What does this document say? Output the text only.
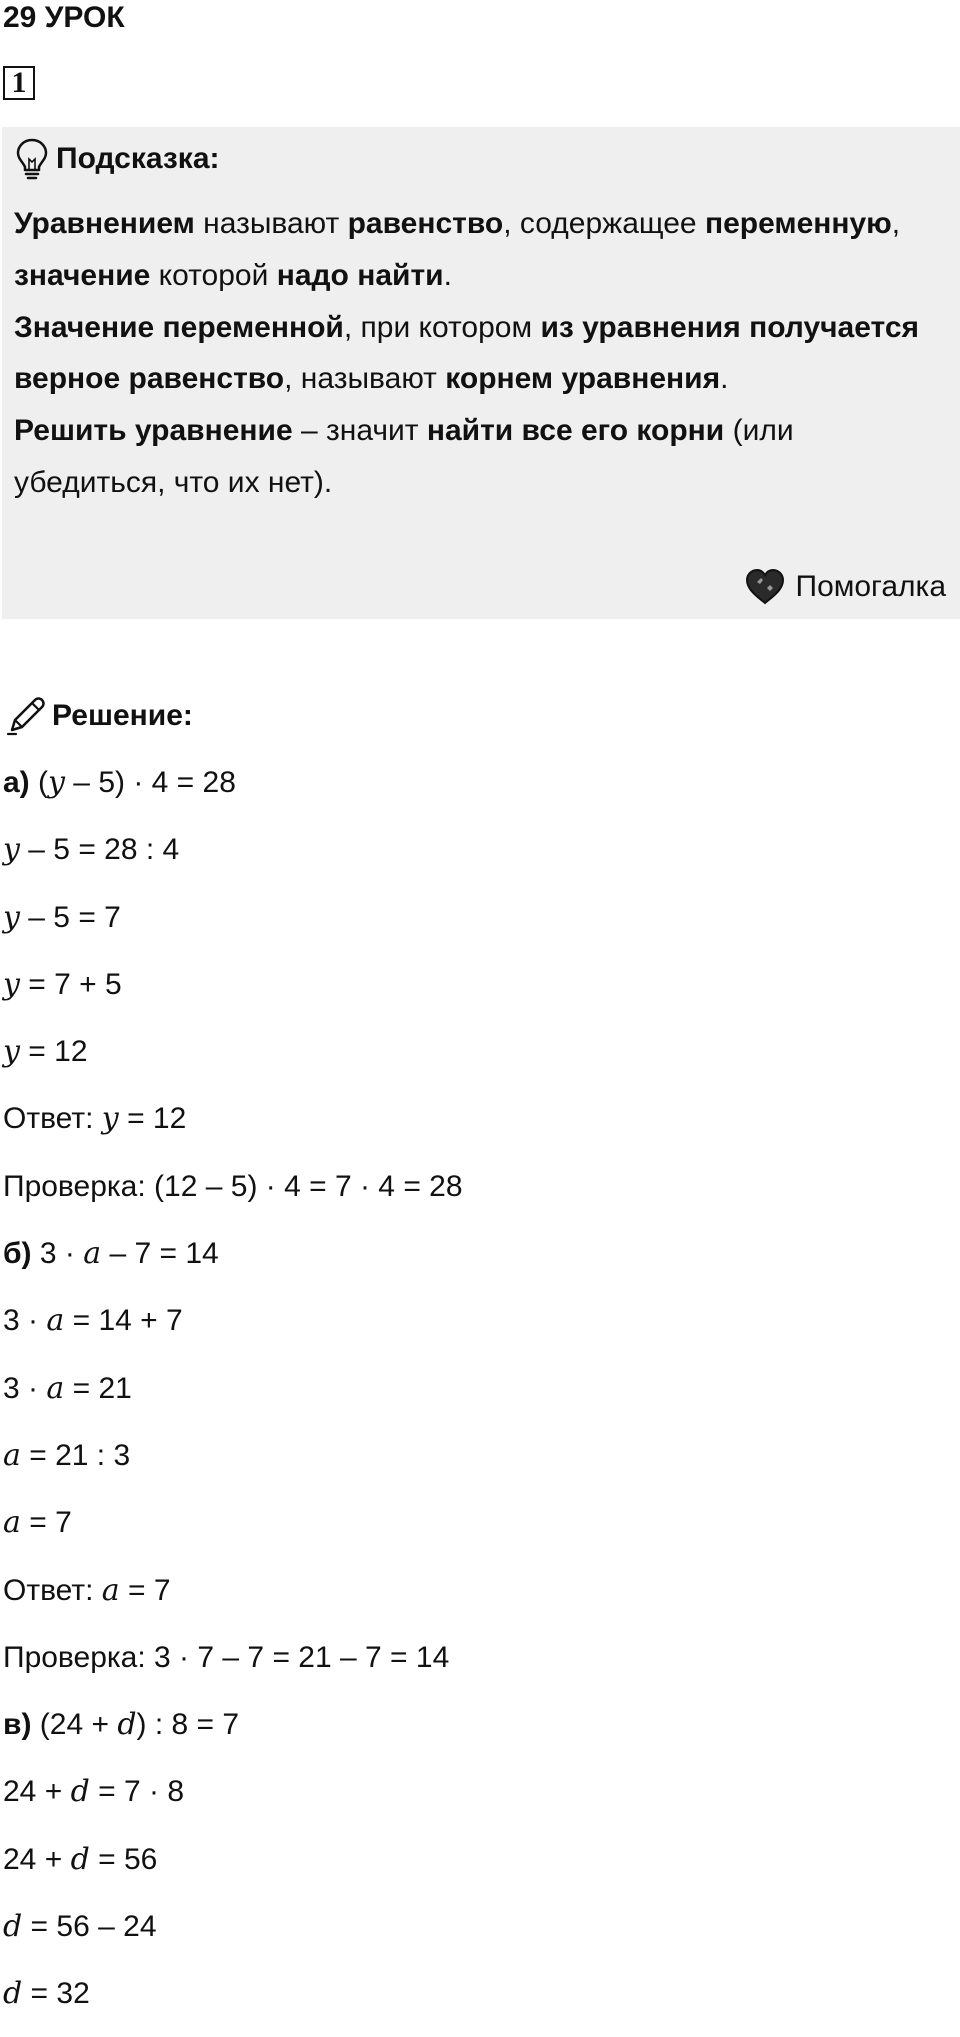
29 УРОК
1
Подсказка:

Уравнением называют равенство, содержащее переменную, значение которой надо найти.

Значение переменной, при котором из уравнения получается верное равенство, называют корнем уравнения.

Решить уравнение – значит найти все его корни (или убедиться, что их нет).

Помогалка
Решение:
а) (y – 5) · 4 = 28
y – 5 = 28 : 4
y – 5 = 7
y = 7 + 5
y = 12
Ответ: y = 12
Проверка: (12 – 5) · 4 = 7 · 4 = 28
б) 3 · a – 7 = 14
3 · a = 14 + 7
3 · a = 21
a = 21 : 3
a = 7
Ответ: a = 7
Проверка: 3 · 7 – 7 = 21 – 7 = 14
в) (24 + d) : 8 = 7
24 + d = 7 · 8
24 + d = 56
d = 56 – 24
d = 32
